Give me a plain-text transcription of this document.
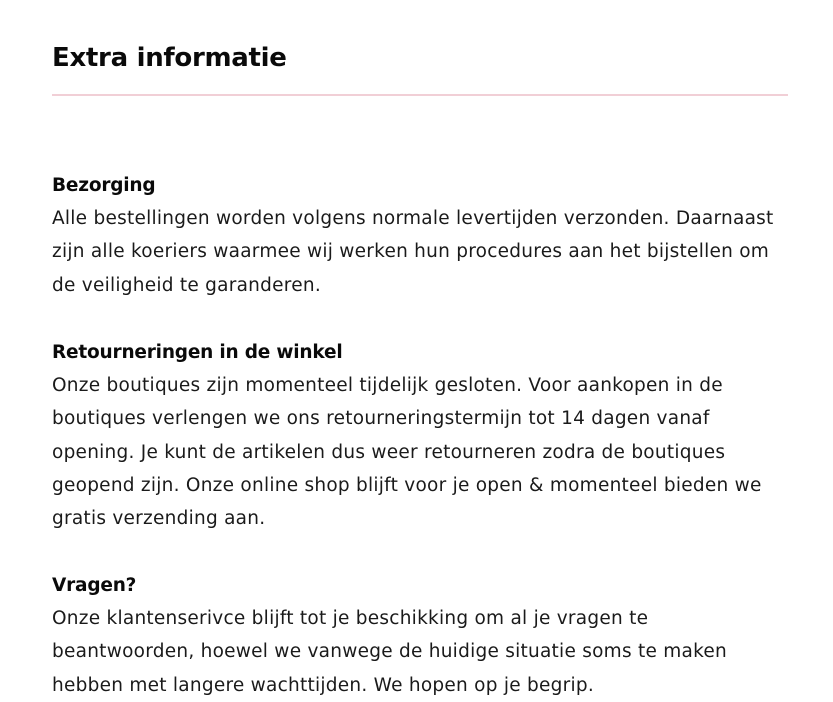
Extra informatie

Bezorging

Alle bestellingen worden volgens normale levertijden verzonden. Daarnaast zijn alle koeriers waarmee wij werken hun procedures aan het bijstellen om de veiligheid te garanderen.

Retourneringen in de winkel

Onze boutiques zijn momenteel tijdelijk gesloten. Voor aankopen in de boutiques verlengen we ons retourneringstermijn tot 14 dagen vanaf opening. Je kunt de artikelen dus weer retourneren zodra de boutiques geopend zijn. Onze online shop blijft voor je open & momenteel bieden we gratis verzending aan.

Vragen?

Onze klantenserivce blijft tot je beschikking om al je vragen te beantwoorden, hoewel we vanwege de huidige situatie soms te maken hebben met langere wachttijden. We hopen op je begrip.
